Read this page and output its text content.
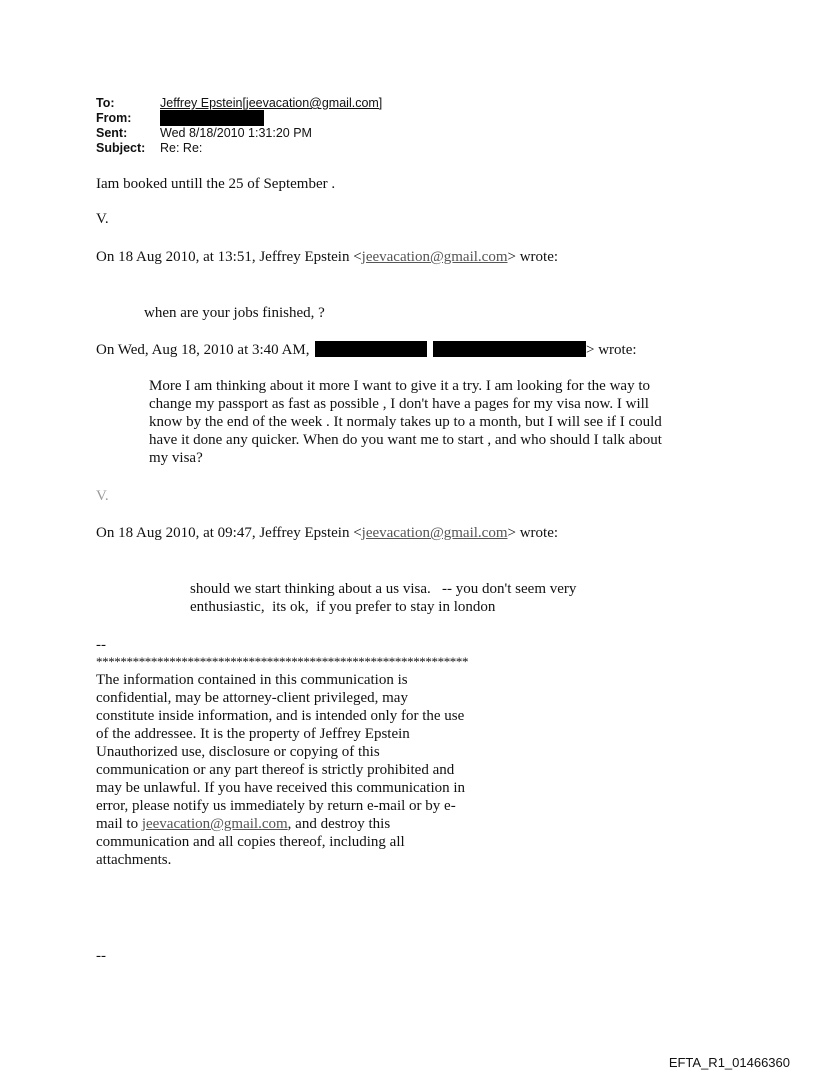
To:	Jeffrey Epstein[jeevacation@gmail.com]
From:
Sent:	Wed 8/18/2010 1:31:20 PM
Subject:	Re: Re:
Iam booked untill the 25 of September .
V.
On 18 Aug 2010, at 13:51, Jeffrey Epstein <jeevacation@gmail.com> wrote:
when are your jobs finished, ?
On Wed, Aug 18, 2010 at 3:40 AM,	> wrote:
More I am thinking about it more I want to give it a try. I am looking for the way to change my passport as fast as possible , I don't have a pages for my visa now. I will know by the end of the week . It normaly takes up to a month, but I will see if I could have it done any quicker. When do you want me to start , and who should I talk about my visa?
V.
On 18 Aug 2010, at 09:47, Jeffrey Epstein <jeevacation@gmail.com> wrote:
should we start thinking about a us visa.   -- you don't seem very
enthusiastic,  its ok,  if you prefer to stay in london
--
*************************************************************
The information contained in this communication is confidential, may be attorney-client privileged, may constitute inside information, and is intended only for the use of the addressee. It is the property of Jeffrey Epstein Unauthorized use, disclosure or copying of this communication or any part thereof is strictly prohibited and may be unlawful. If you have received this communication in error, please notify us immediately by return e-mail or by e-mail to jeevacation@gmail.com, and destroy this communication and all copies thereof, including all attachments.
--
EFTA_R1_01466360
